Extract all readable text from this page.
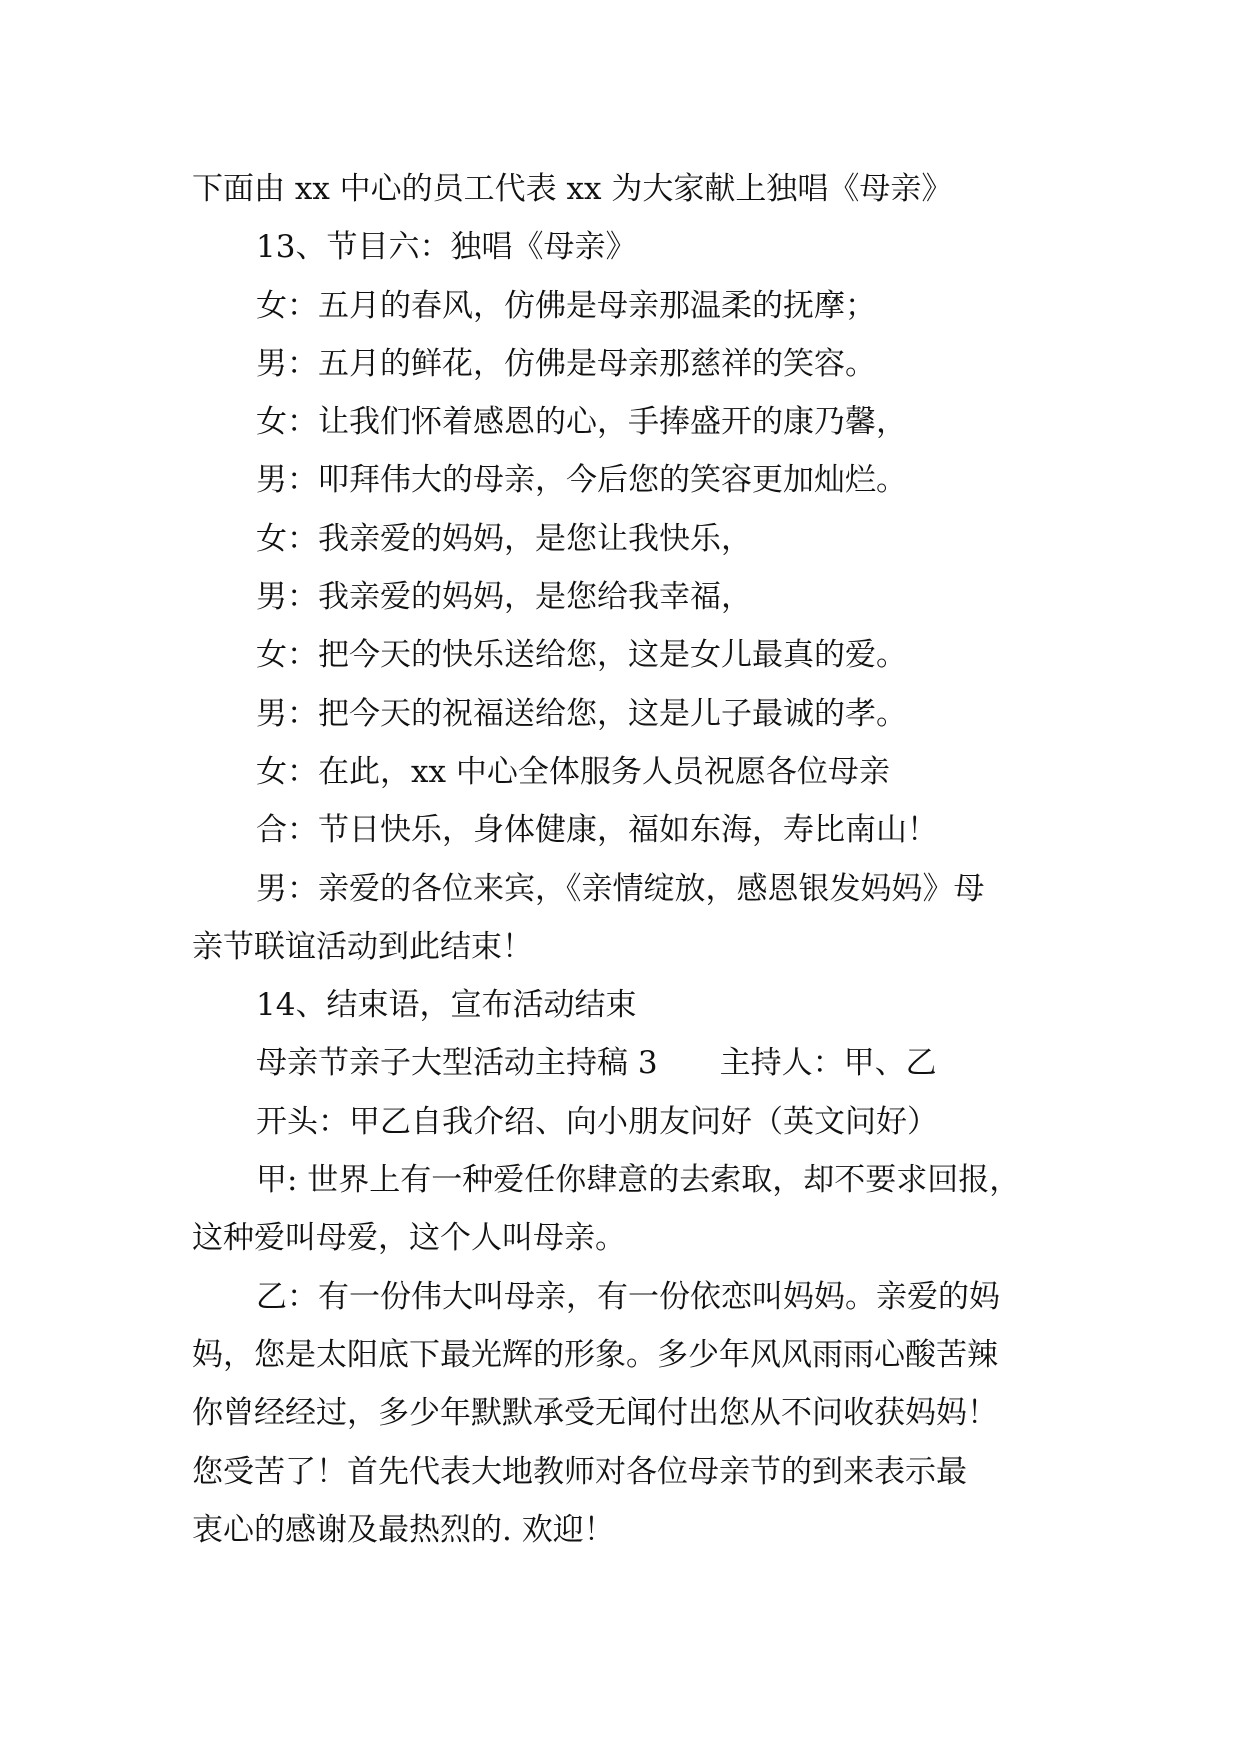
下面由 xx 中心的员工代表 xx 为大家献上独唱《母亲》
13、节目六：独唱《母亲》
女：五月的春风，仿佛是母亲那温柔的抚摩；
男：五月的鲜花，仿佛是母亲那慈祥的笑容。
女：让我们怀着感恩的心，手捧盛开的康乃馨，
男：叩拜伟大的母亲，今后您的笑容更加灿烂。
女：我亲爱的妈妈，是您让我快乐，
男：我亲爱的妈妈，是您给我幸福，
女：把今天的快乐送给您，这是女儿最真的爱。
男：把今天的祝福送给您，这是儿子最诚的孝。
女：在此，xx 中心全体服务人员祝愿各位母亲
合：节日快乐，身体健康，福如东海，寿比南山！
男：亲爱的各位来宾，《亲情绽放，感恩银发妈妈》母
亲节联谊活动到此结束！
14、结束语，宣布活动结束
母亲节亲子大型活动主持稿 3　　主持人：甲、乙
开头：甲乙自我介绍、向小朋友问好（英文问好）
甲: 世界上有一种爱任你肆意的去索取，却不要求回报，
这种爱叫母爱，这个人叫母亲。
乙：有一份伟大叫母亲，有一份依恋叫妈妈。亲爱的妈
妈，您是太阳底下最光辉的形象。多少年风风雨雨心酸苦辣
你曾经经过，多少年默默承受无闻付出您从不问收获妈妈！
您受苦了！首先代表大地教师对各位母亲节的到来表示最
衷心的感谢及最热烈的. 欢迎！
